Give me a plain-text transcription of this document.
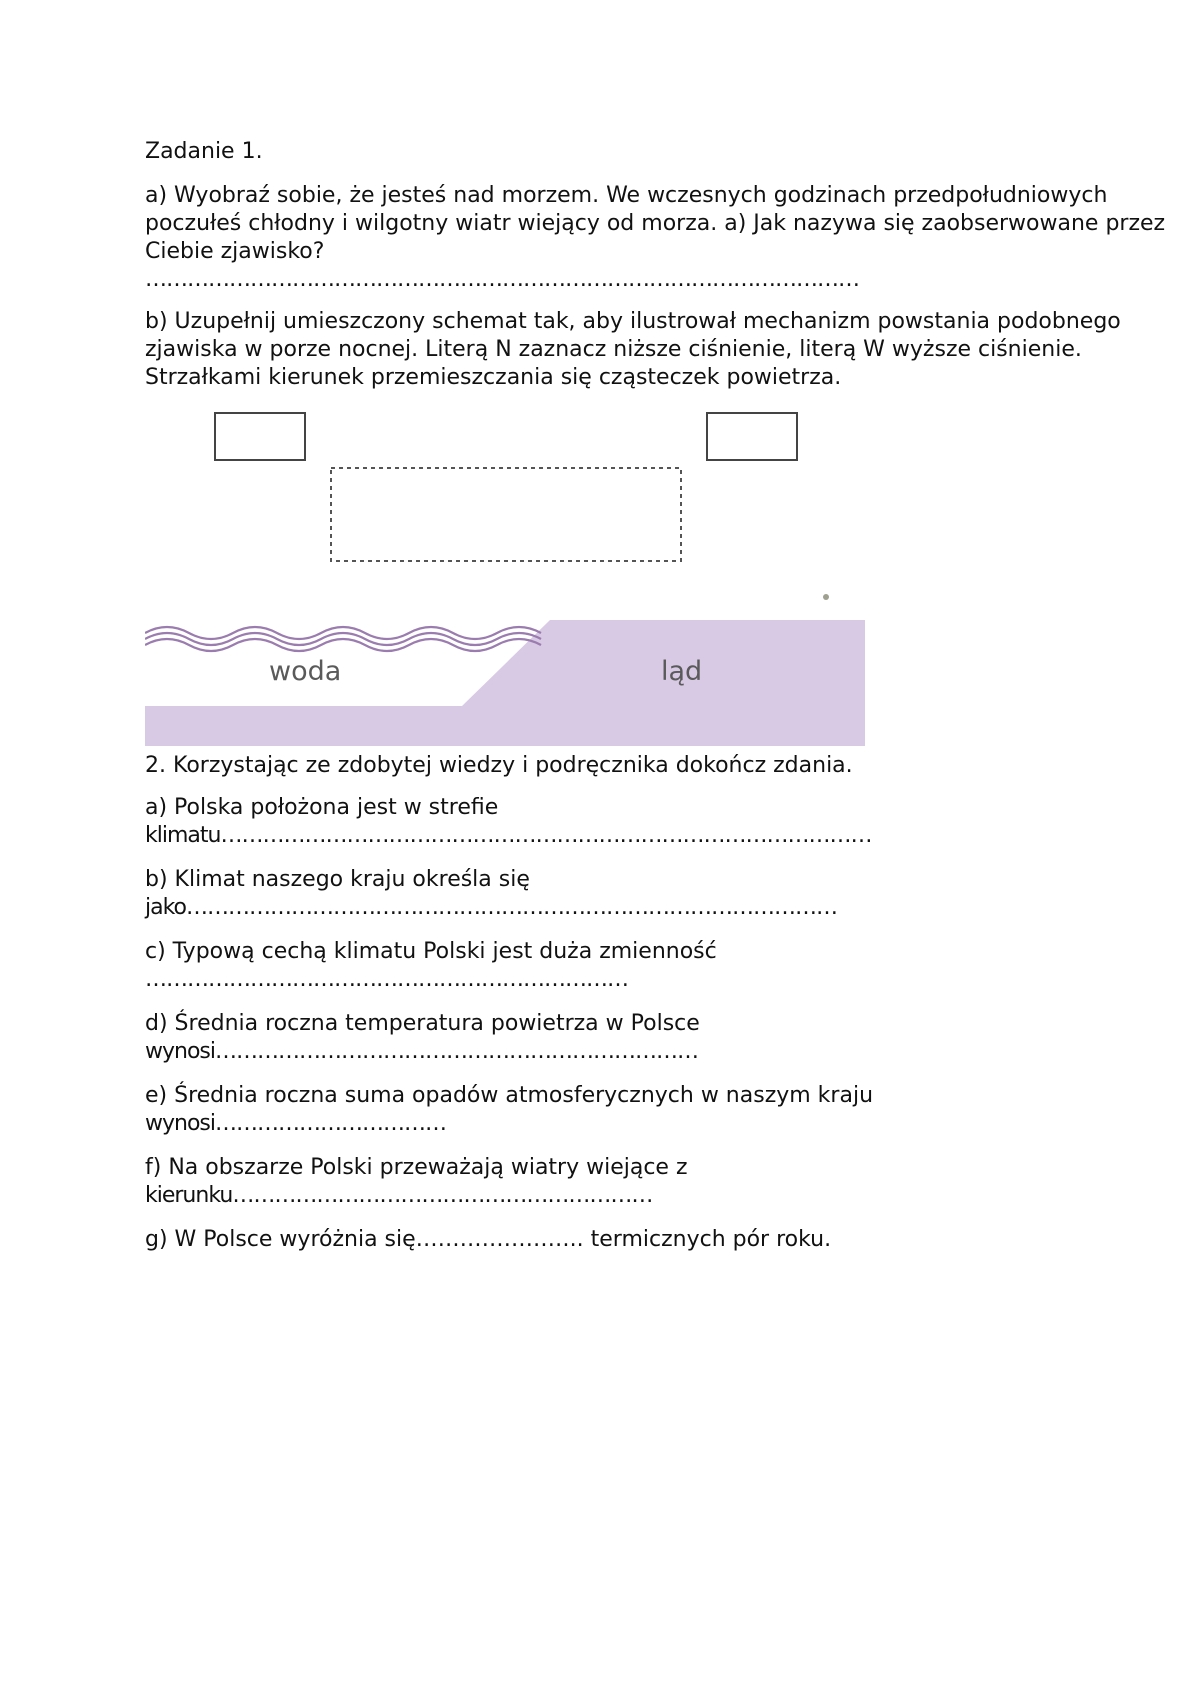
Zadanie 1.

a) Wyobraź sobie, że jesteś nad morzem. We wczesnych godzinach przedpołudniowych poczułeś chłodny i wilgotny wiatr wiejący od morza. a) Jak nazywa się zaobserwowane przez Ciebie zjawisko?
…………………………………………………………………………………………

b) Uzupełnij umieszczony schemat tak, aby ilustrował mechanizm powstania podobnego zjawiska w porze nocnej. Literą N zaznacz niższe ciśnienie, literą W wyższe ciśnienie. Strzałkami kierunek przemieszczania się cząsteczek powietrza.

woda	ląd

2. Korzystając ze zdobytej wiedzy i podręcznika dokończ zdania.

a) Polska położona jest w strefie
klimatu…………………………………………………………………………………

b) Klimat naszego kraju określa się
jako…………………………………………………………………………………

c) Typową cechą klimatu Polski jest duża zmienność
……………………………………………………………

d) Średnia roczna temperatura powietrza w Polsce
wynosi……………………………………………………………

e) Średnia roczna suma opadów atmosferycznych w naszym kraju
wynosi……………………………

f) Na obszarze Polski przeważają wiatry wiejące z
kierunku……………………………………………………

g) W Polsce wyróżnia się………………….. termicznych pór roku.
